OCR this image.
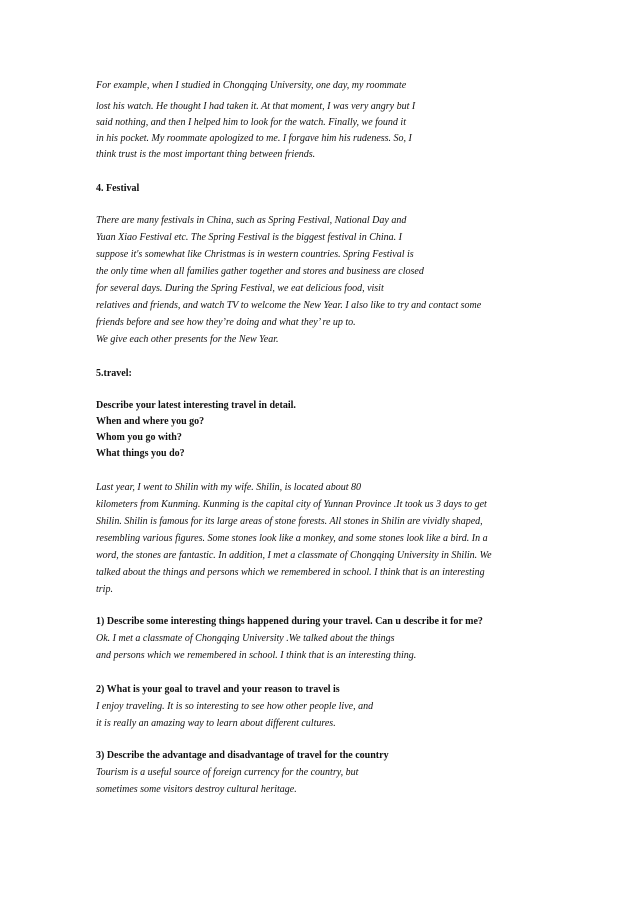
For example, when I studied in Chongqing University, one day, my roommate
lost his watch. He thought I had taken it. At that moment, I was very angry but I
said nothing, and then I helped him to look for the watch. Finally, we found it
in his pocket. My roommate apologized to me. I forgave him his rudeness. So, I
think trust is the most important thing between friends.
4. Festival
There are many festivals in China, such as Spring Festival, National Day and
Yuan Xiao Festival etc. The Spring Festival is the biggest festival in China. I
suppose it's somewhat like Christmas is in western countries. Spring Festival is
the only time when all families gather together and stores and business are closed
for several days. During the Spring Festival, we eat delicious food, visit
relatives and friends, and watch TV to welcome the New Year. I also like to try and contact some
friends before and see how they’re doing and what they’ re up to.
We give each other presents for the New Year.
5.travel:
Describe your latest interesting travel in detail.
When and where you go?
Whom you go with?
What things you do?
Last year, I went to Shilin with my wife. Shilin, is located about 80
kilometers from Kunming. Kunming is the capital city of Yunnan Province .It took us 3 days to get
Shilin. Shilin is famous for its large areas of stone forests. All stones in Shilin are vividly shaped,
resembling various figures. Some stones look like a monkey, and some stones look like a bird. In a
word, the stones are fantastic. In addition, I met a classmate of Chongqing University in Shilin. We
talked about the things and persons which we remembered in school. I think that is an interesting
trip.
1) Describe some interesting things happened during your travel. Can u describe it for me?
Ok. I met a classmate of Chongqing University .We talked about the things
and persons which we remembered in school. I think that is an interesting thing.
2) What is your goal to travel and your reason to travel is
I enjoy traveling. It is so interesting to see how other people live, and
it is really an amazing way to learn about different cultures.
3) Describe the advantage and disadvantage of travel for the country
Tourism is a useful source of foreign currency for the country, but
sometimes some visitors destroy cultural heritage.
